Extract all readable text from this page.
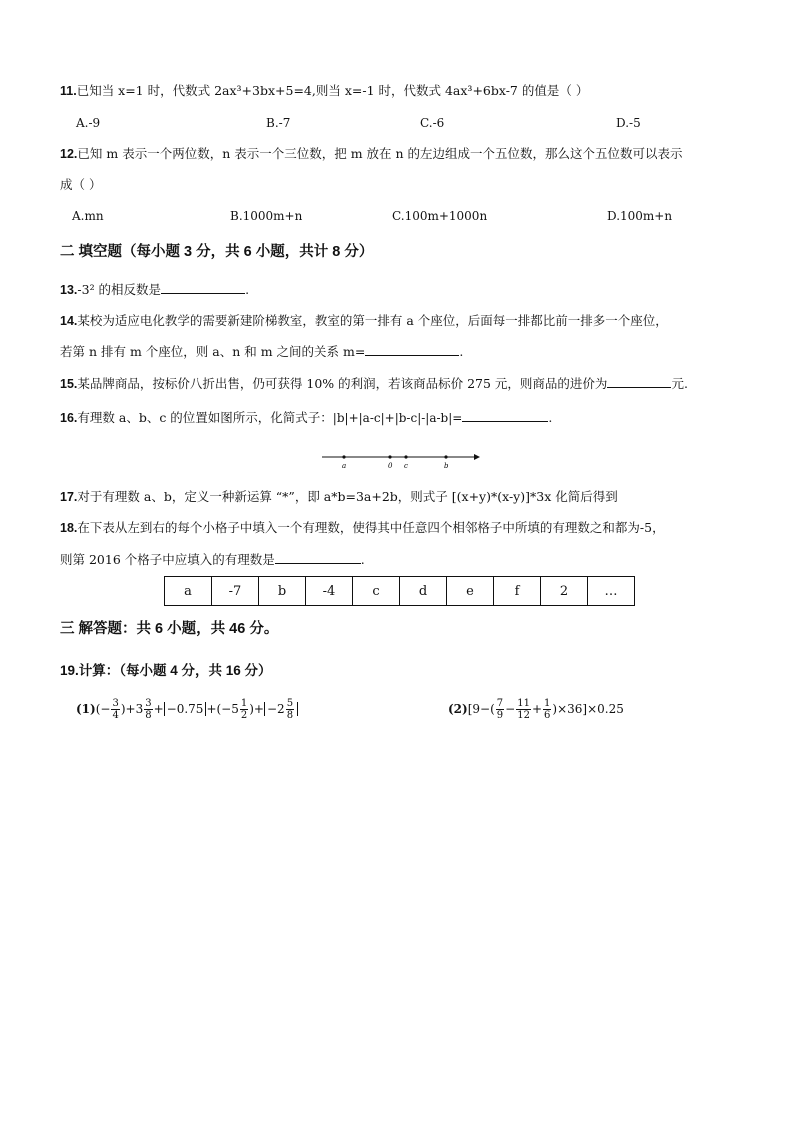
11.已知当 x=1 时，代数式 2ax³+3bx+5=4,则当 x=-1 时，代数式 4ax³+6bx-7 的值是（ ）
A.-9	B.-7	C.-6	D.-5
12.已知 m 表示一个两位数，n 表示一个三位数，把 m 放在 n 的左边组成一个五位数，那么这个五位数可以表示
成（ ）
A.mn	B.1000m+n	C.100m+1000n	D.100m+n
二 填空题（每小题 3 分，共 6 小题，共计 8 分）
13.-3² 的相反数是	.
14.某校为适应电化教学的需要新建阶梯教室，教室的第一排有 a 个座位，后面每一排都比前一排多一个座位，
若第 n 排有 m 个座位，则 a、n 和 m 之间的关系 m=	.
15.某品牌商品，按标价八折出售，仍可获得 10% 的利润，若该商品标价 275 元，则商品的进价为	元.
16.有理数 a、b、c 的位置如图所示，化简式子：|b|+|a-c|+|b-c|-|a-b|=	.
a	0 c	b
17.对于有理数 a、b，定义一种新运算 “*”，即 a*b=3a+2b，则式子 [(x+y)*(x-y)]*3x 化简后得到
18.在下表从左到右的每个小格子中填入一个有理数，使得其中任意四个相邻格子中所填的有理数之和都为-5，
则第 2016 个格子中应填入的有理数是	.
a	-7	b	-4	c	d	e	f	2	…
三 解答题：共 6 小题，共 46 分。
19.计算：（每小题 4 分，共 16 分）
$(1)(- \frac{3}{4} )+3 \frac{3}{8} + -0.75 +(-5 \frac{1}{2}$ )+ $-2 \frac{5}{8}$	$(2)[9-( \frac{7}{9} - \frac{11}{12} + \frac{1}{6} )\times 36]\times 0.25$
